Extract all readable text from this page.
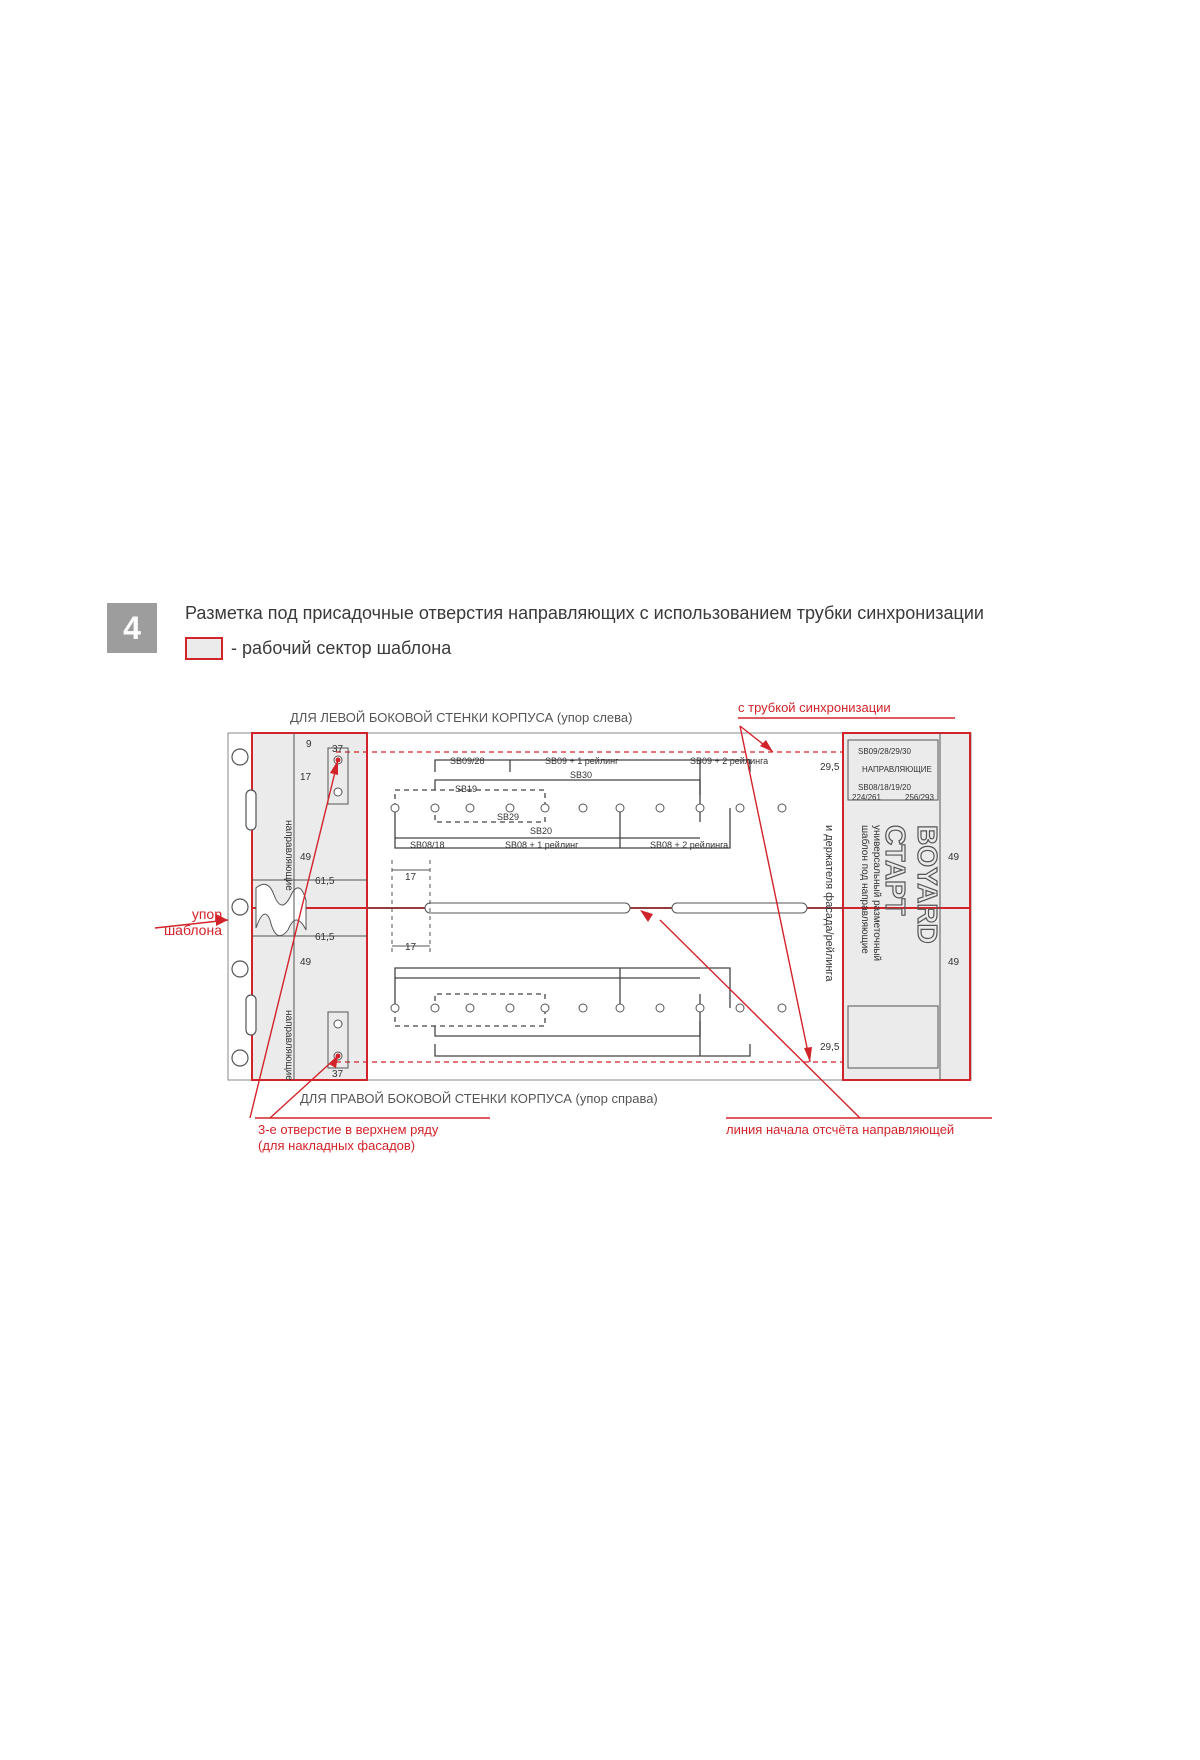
4	Разметка под присадочные отверстия направляющих с использованием трубки синхронизации
- рабочий сектор шаблона
с трубкой синхронизации
упор
шаблона
3-е отверстие в верхнем ряду
(для накладных фасадов)
линия начала отсчёта направляющей
ДЛЯ ЛЕВОЙ БОКОВОЙ СТЕНКИ КОРПУСА (упор слева)
ДЛЯ ПРАВОЙ БОКОВОЙ СТЕНКИ КОРПУСА (упор справа)
SB09/28	SB09 + 1 рейлинг	SB09 + 2 рейлинга
SB30
SB19
SB29
SB20
SB08/18	SB08 + 1 рейлинг	SB08 + 2 рейлинга
61,5
61,5
17
17
37
37
9
17
49
49
29,5
29,5
49
49
направляющие
направляющие
и держателя фасада/рейлинга	BOYARD
СТАРТ
универсальный разметочный
шаблон под направляющие
SB09/28/29/30
НАПРАВЛЯЮЩИЕ
SB08/18/19/20
224/261	256/293
